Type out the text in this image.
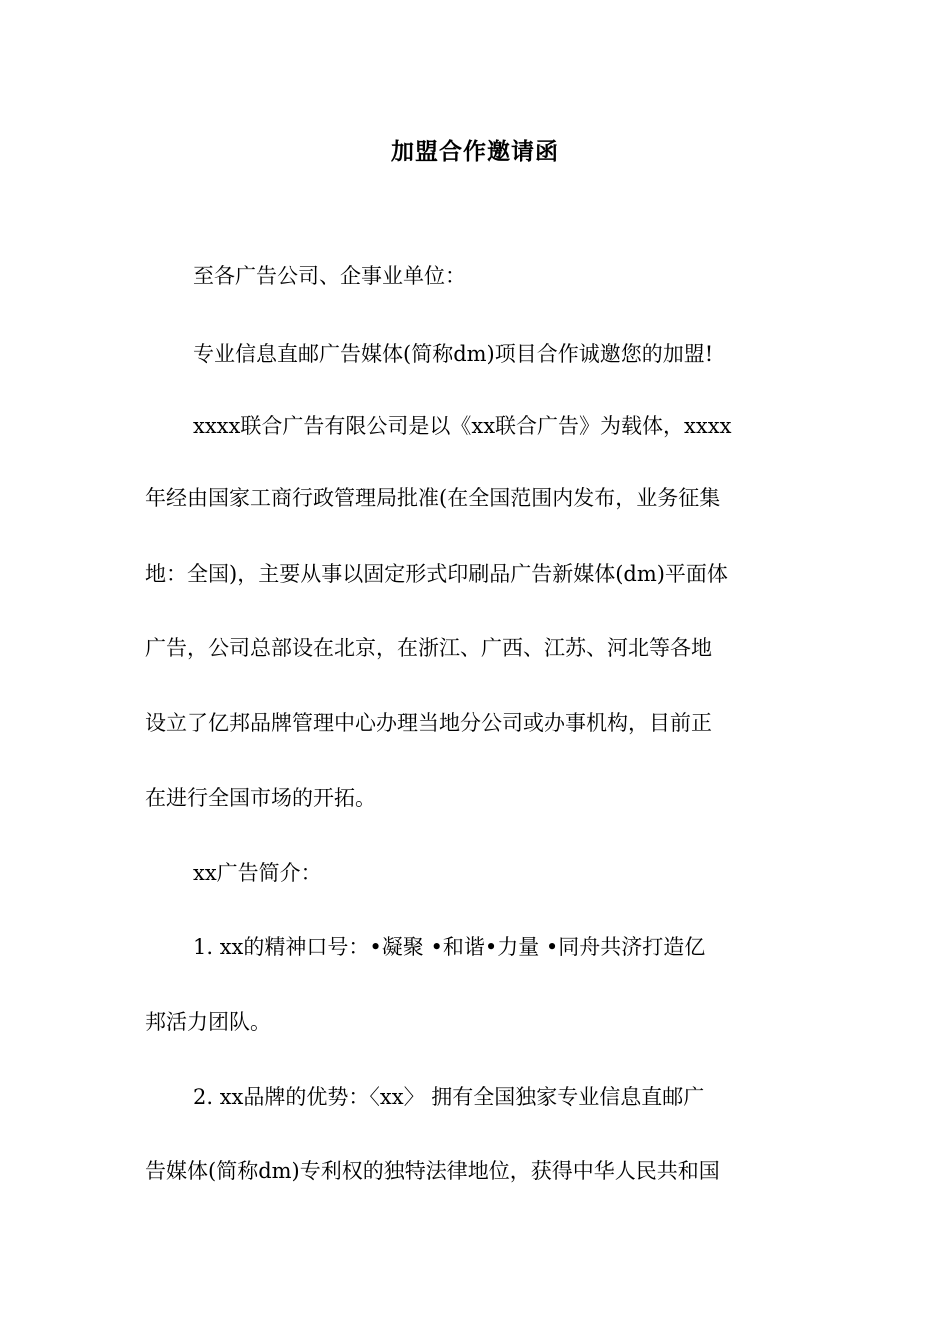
加盟合作邀请函
至各广告公司、企事业单位：
专业信息直邮广告媒体(简称dm)项目合作诚邀您的加盟!
xxxx联合广告有限公司是以《xx联合广告》为载体，xxxx
年经由国家工商行政管理局批准(在全国范围内发布，业务征集
地：全国)，主要从事以固定形式印刷品广告新媒体(dm)平面体
广告，公司总部设在北京，在浙江、广西、江苏、河北等各地
设立了亿邦品牌管理中心办理当地分公司或办事机构，目前正
在进行全国市场的开拓。
xx广告简介：
1. xx的精神口号：•凝聚 •和谐•力量 •同舟共济打造亿
邦活力团队。
2. xx品牌的优势：〈xx〉 拥有全国独家专业信息直邮广
告媒体(简称dm)专利权的独特法律地位，获得中华人民共和国
